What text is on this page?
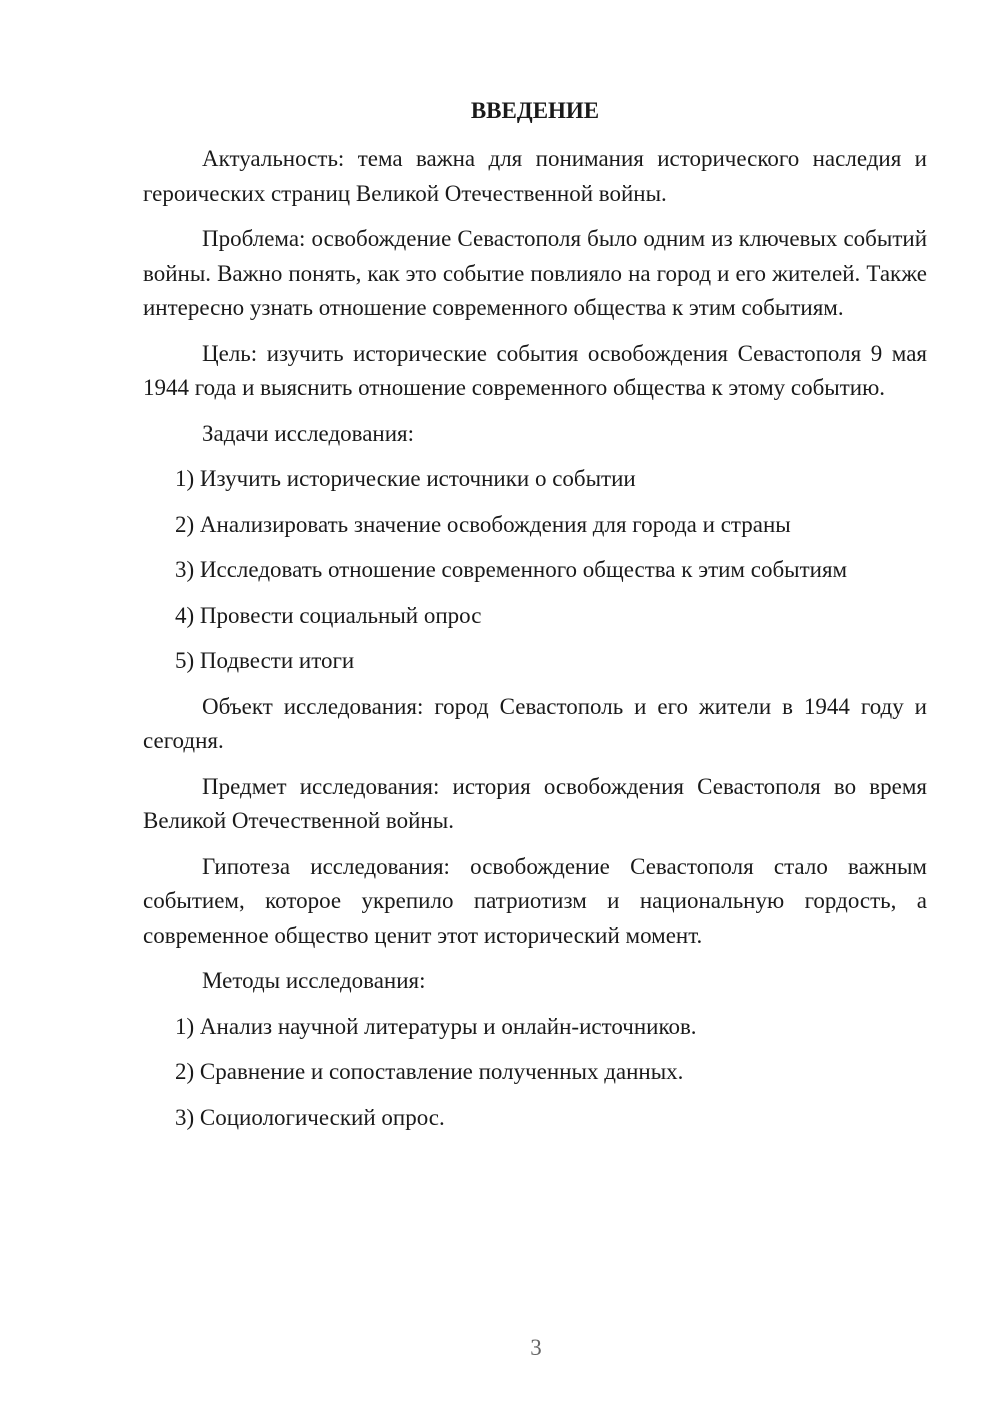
ВВЕДЕНИЕ

Актуальность: тема важна для понимания исторического наследия и героических страниц Великой Отечественной войны.

Проблема: освобождение Севастополя было одним из ключевых событий войны. Важно понять, как это событие повлияло на город и его жителей. Также интересно узнать отношение современного общества к этим событиям.

Цель: изучить исторические события освобождения Севастополя 9 мая 1944 года и выяснить отношение современного общества к этому событию.

Задачи исследования:

1) Изучить исторические источники о событии

2) Анализировать значение освобождения для города и страны

3) Исследовать отношение современного общества к этим событиям

4) Провести социальный опрос

5) Подвести итоги

Объект исследования: город Севастополь и его жители в 1944 году и сегодня.

Предмет исследования: история освобождения Севастополя во время Великой Отечественной войны.

Гипотеза исследования: освобождение Севастополя стало важным событием, которое укрепило патриотизм и национальную гордость, а современное общество ценит этот исторический момент.

Методы исследования:

1) Анализ научной литературы и онлайн-источников.

2) Сравнение и сопоставление полученных данных.

3) Социологический опрос.

3
